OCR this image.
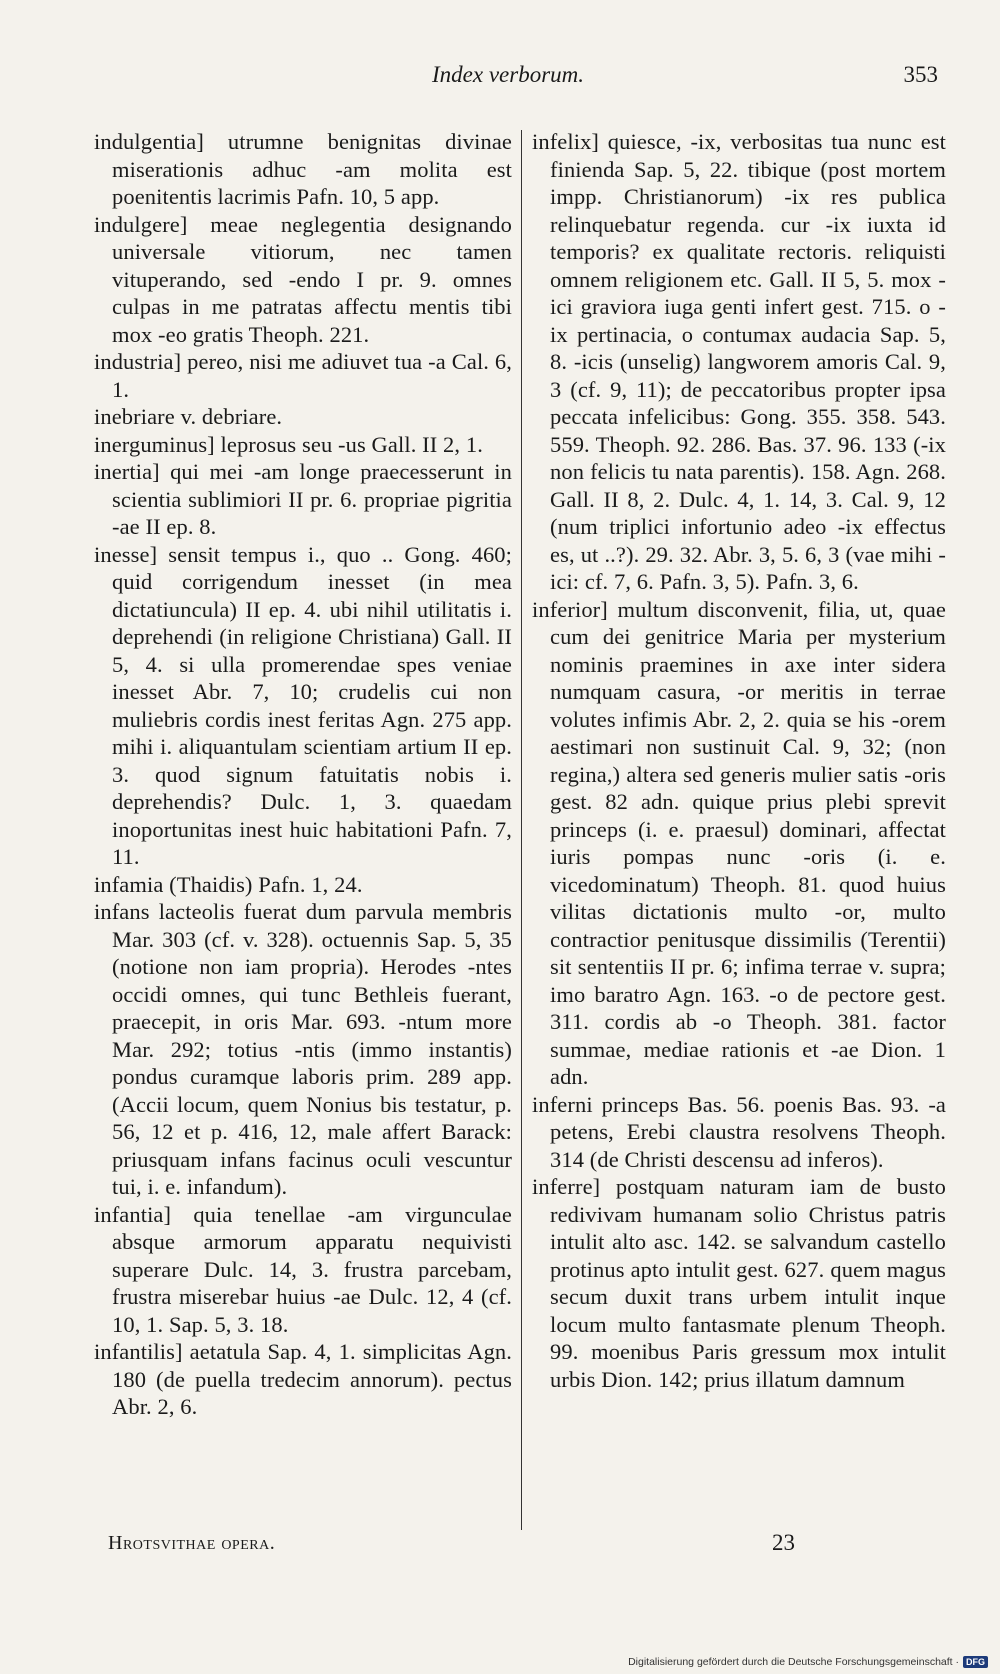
Index verborum.	353

indulgentia] utrumne benignitas divinae miserationis adhuc -am molita est poenitentis lacrimis Pafn. 10, 5 app.

indulgere] meae neglegentia designando universale vitiorum, nec tamen vituperando, sed -endo I pr. 9. omnes culpas in me patratas affectu mentis tibi mox -eo gratis Theoph. 221.

industria] pereo, nisi me adiuvet tua -a Cal. 6, 1.

inebriare v. debriare.

inerguminus] leprosus seu -us Gall. II 2, 1.

inertia] qui mei -am longe praecesserunt in scientia sublimiori II pr. 6. propriae pigritia -ae II ep. 8.

inesse] sensit tempus i., quo .. Gong. 460; quid corrigendum inesset (in mea dictatiuncula) II ep. 4. ubi nihil utilitatis i. deprehendi (in religione Christiana) Gall. II 5, 4. si ulla promerendae spes veniae inesset Abr. 7, 10; crudelis cui non muliebris cordis inest feritas Agn. 275 app. mihi i. aliquantulam scientiam artium II ep. 3. quod signum fatuitatis nobis i. deprehendis? Dulc. 1, 3. quaedam inoportunitas inest huic habitationi Pafn. 7, 11.

infamia (Thaidis) Pafn. 1, 24.

infans lacteolis fuerat dum parvula membris Mar. 303 (cf. v. 328). octuennis Sap. 5, 35 (notione non iam propria). Herodes -ntes occidi omnes, qui tunc Bethleis fuerant, praecepit, in oris Mar. 693. -ntum more Mar. 292; totius -ntis (immo instantis) pondus curamque laboris prim. 289 app. (Accii locum, quem Nonius bis testatur, p. 56, 12 et p. 416, 12, male affert Barack: priusquam infans facinus oculi vescuntur tui, i. e. infandum).

infantia] quia tenellae -am virgunculae absque armorum apparatu nequivisti superare Dulc. 14, 3. frustra parcebam, frustra miserebar huius -ae Dulc. 12, 4 (cf. 10, 1. Sap. 5, 3. 18.

infantilis] aetatula Sap. 4, 1. simplicitas Agn. 180 (de puella tredecim annorum). pectus Abr. 2, 6.

infelix] quiesce, -ix, verbositas tua nunc est finienda Sap. 5, 22. tibique (post mortem impp. Christianorum) -ix res publica relinquebatur regenda. cur -ix iuxta id temporis? ex qualitate rectoris. reliquisti omnem religionem etc. Gall. II 5, 5. mox -ici graviora iuga genti infert gest. 715. o -ix pertinacia, o contumax audacia Sap. 5, 8. -icis (unselig) langworem amoris Cal. 9, 3 (cf. 9, 11); de peccatoribus propter ipsa peccata infelicibus: Gong. 355. 358. 543. 559. Theoph. 92. 286. Bas. 37. 96. 133 (-ix non felicis tu nata parentis). 158. Agn. 268. Gall. II 8, 2. Dulc. 4, 1. 14, 3. Cal. 9, 12 (num triplici infortunio adeo -ix effectus es, ut ..?). 29. 32. Abr. 3, 5. 6, 3 (vae mihi -ici: cf. 7, 6. Pafn. 3, 5). Pafn. 3, 6.

inferior] multum disconvenit, filia, ut, quae cum dei genitrice Maria per mysterium nominis praemines in axe inter sidera numquam casura, -or meritis in terrae volutes infimis Abr. 2, 2. quia se his -orem aestimari non sustinuit Cal. 9, 32; (non regina,) altera sed generis mulier satis -oris gest. 82 adn. quique prius plebi sprevit princeps (i. e. praesul) dominari, affectat iuris pompas nunc -oris (i. e. vicedominatum) Theoph. 81. quod huius vilitas dictationis multo -or, multo contractior penitusque dissimilis (Terentii) sit sententiis II pr. 6; infima terrae v. supra; imo baratro Agn. 163. -o de pectore gest. 311. cordis ab -o Theoph. 381. factor summae, mediae rationis et -ae Dion. 1 adn.

inferni princeps Bas. 56. poenis Bas. 93. -a petens, Erebi claustra resolvens Theoph. 314 (de Christi descensu ad inferos).

inferre] postquam naturam iam de busto redivivam humanam solio Christus patris intulit alto asc. 142. se salvandum castello protinus apto intulit gest. 627. quem magus secum duxit trans urbem intulit inque locum multo fantasmate plenum Theoph. 99. moenibus Paris gressum mox intulit urbis Dion. 142; prius illatum damnum

Hrotsvithae opera.	23
Digitalisierung gefördert durch die Deutsche Forschungsgemeinschaft · DFG
